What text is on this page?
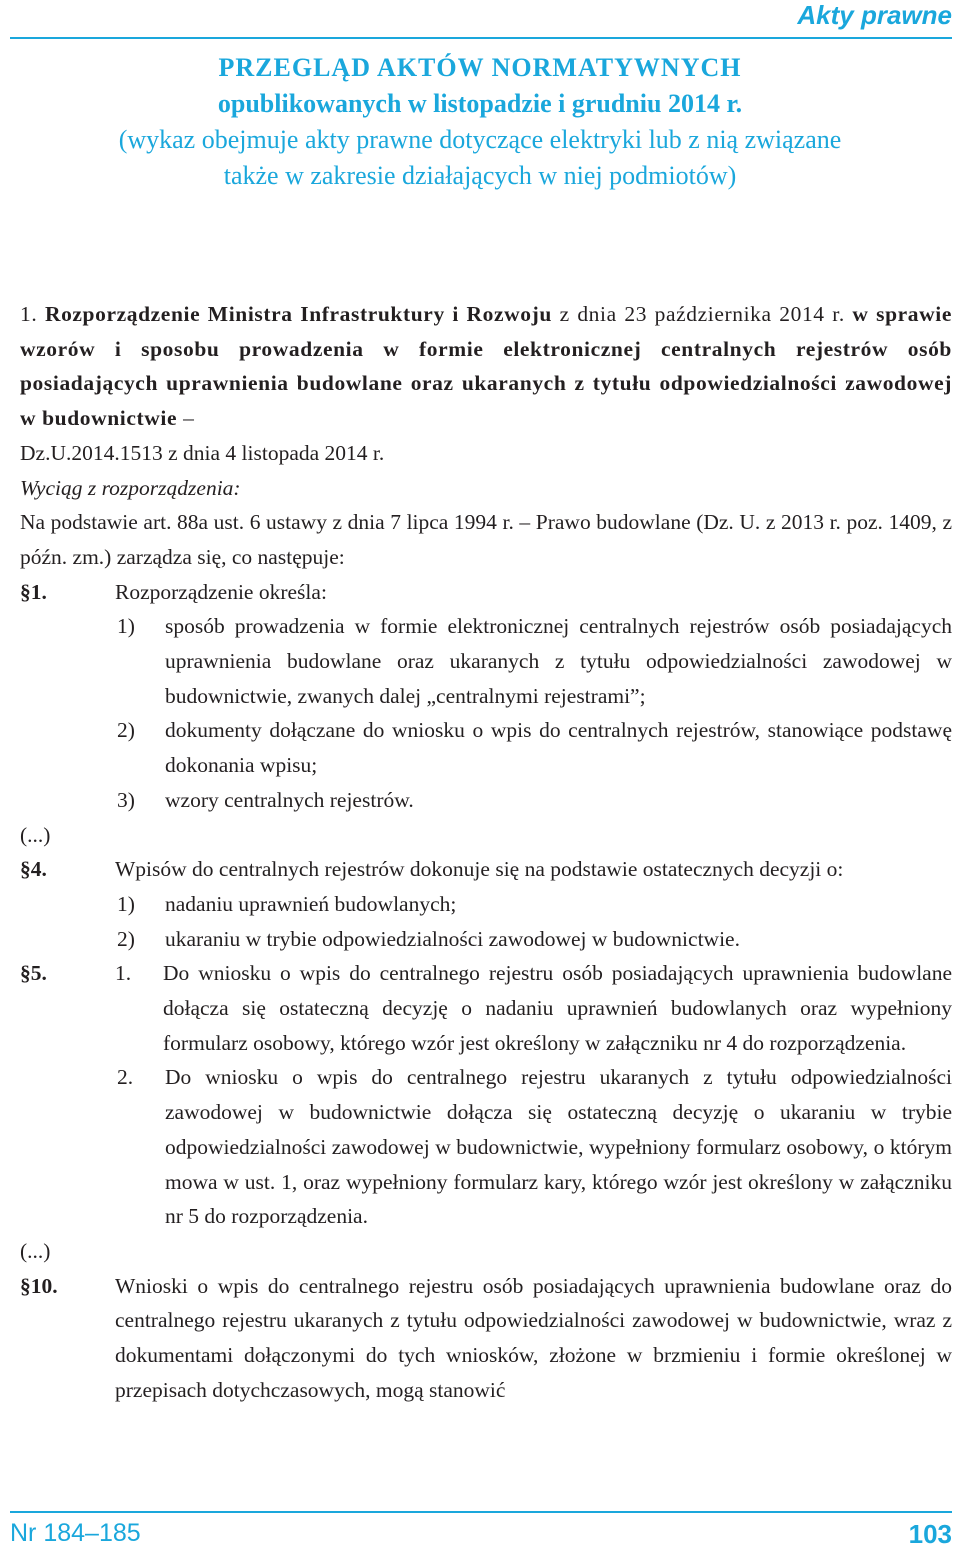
Akty prawne
PRZEGLĄD AKTÓW NORMATYWNYCH
opublikowanych w listopadzie i grudniu 2014 r.
(wykaz obejmuje akty prawne dotyczące elektryki lub z nią związane
także w zakresie działających w niej podmiotów)
1. Rozporządzenie Ministra Infrastruktury i Rozwoju z dnia 23 października 2014 r. w sprawie wzorów i sposobu prowadzenia w formie elektronicznej centralnych rejestrów osób posiadających uprawnienia budowlane oraz ukaranych z tytułu odpowiedzialności zawodowej w budownictwie –
Dz.U.2014.1513 z dnia 4 listopada 2014 r.
Wyciąg z rozporządzenia:
Na podstawie art. 88a ust. 6 ustawy z dnia 7 lipca 1994 r. – Prawo budowlane (Dz. U. z 2013 r. poz. 1409, z późn. zm.) zarządza się, co następuje:
§1.	Rozporządzenie określa:
1)	sposób prowadzenia w formie elektronicznej centralnych rejestrów osób posiadających uprawnienia budowlane oraz ukaranych z tytułu odpowiedzialności zawodowej w budownictwie, zwanych dalej „centralnymi rejestrami”;
2)	dokumenty dołączane do wniosku o wpis do centralnych rejestrów, stanowiące podstawę dokonania wpisu;
3)	wzory centralnych rejestrów.
(...)
§4.	Wpisów do centralnych rejestrów dokonuje się na podstawie ostatecznych decyzji o:
1)	nadaniu uprawnień budowlanych;
2)	ukaraniu w trybie odpowiedzialności zawodowej w budownictwie.
§5.	1.	Do wniosku o wpis do centralnego rejestru osób posiadających uprawnienia budowlane dołącza się ostateczną decyzję o nadaniu uprawnień budowlanych oraz wypełniony formularz osobowy, którego wzór jest określony w załączniku nr 4 do rozporządzenia.
2.	Do wniosku o wpis do centralnego rejestru ukaranych z tytułu odpowiedzialności zawodowej w budownictwie dołącza się ostateczną decyzję o ukaraniu w trybie odpowiedzialności zawodowej w budownictwie, wypełniony formularz osobowy, o którym mowa w ust. 1, oraz wypełniony formularz kary, którego wzór jest określony w załączniku nr 5 do rozporządzenia.
(...)
§10.	Wnioski o wpis do centralnego rejestru osób posiadających uprawnienia budowlane oraz do centralnego rejestru ukaranych z tytułu odpowiedzialności zawodowej w budownictwie, wraz z dokumentami dołączonymi do tych wniosków, złożone w brzmieniu i formie określonej w przepisach dotychczasowych, mogą stanowić
Nr 184–185	103
